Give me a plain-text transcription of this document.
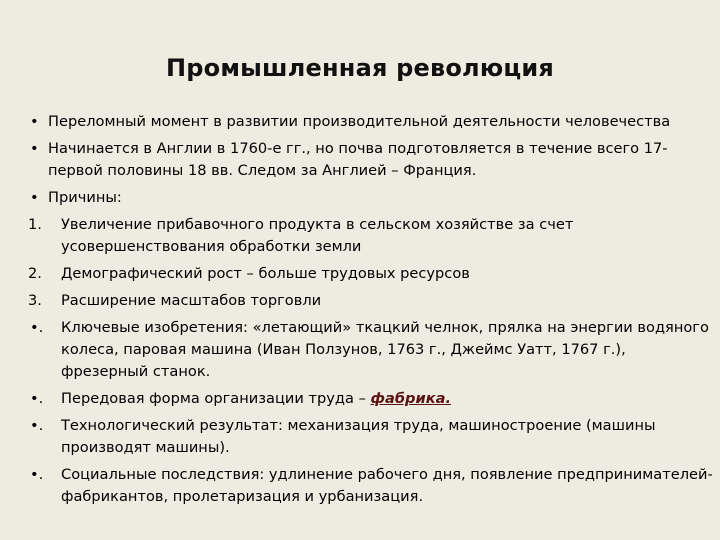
Промышленная революция
• Переломный момент в развитии производительной деятельности человечества
• Начинается в Англии в 1760-е гг., но почва подготовляется в течение всего 17-первой половины 18 вв. Следом за Англией – Франция.
• Причины:
1. Увеличение прибавочного продукта в сельском хозяйстве за счет усовершенствования обработки земли
2. Демографический рост – больше трудовых ресурсов
3. Расширение масштабов торговли
•. Ключевые изобретения: «летающий» ткацкий челнок, прялка на энергии водяного колеса, паровая машина (Иван Ползунов, 1763 г., Джеймс Уатт, 1767 г.), фрезерный станок.
•. Передовая форма организации труда – фабрика.
•. Технологический результат: механизация труда, машиностроение (машины производят машины).
•. Социальные последствия: удлинение рабочего дня, появление предпринимателей-фабрикантов, пролетаризация и урбанизация.
